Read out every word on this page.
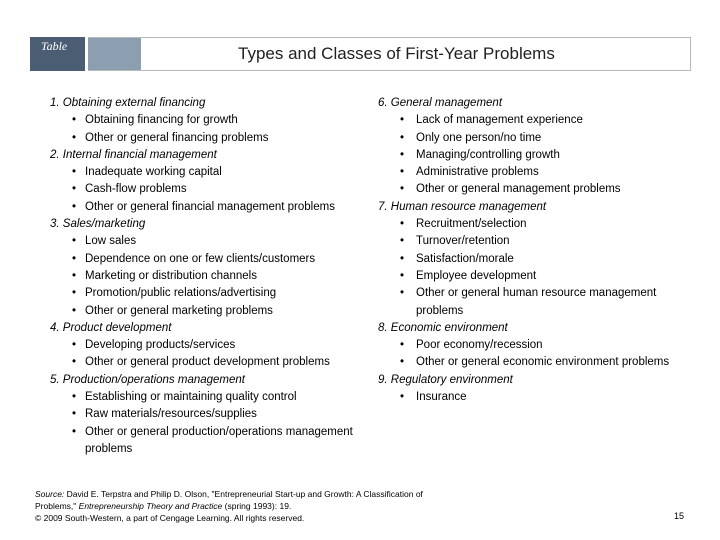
Table	Types and Classes of First-Year Problems
1. Obtaining external financing
• Obtaining financing for growth
• Other or general financing problems
2. Internal financial management
• Inadequate working capital
• Cash-flow problems
• Other or general financial management problems
3. Sales/marketing
• Low sales
• Dependence on one or few clients/customers
• Marketing or distribution channels
• Promotion/public relations/advertising
• Other or general marketing problems
4. Product development
• Developing products/services
• Other or general product development problems
5. Production/operations management
• Establishing or maintaining quality control
• Raw materials/resources/supplies
• Other or general production/operations management problems
6. General management
• Lack of management experience
• Only one person/no time
• Managing/controlling growth
• Administrative problems
• Other or general management problems
7. Human resource management
• Recruitment/selection
• Turnover/retention
• Satisfaction/morale
• Employee development
• Other or general human resource management problems
8. Economic environment
• Poor economy/recession
• Other or general economic environment problems
9. Regulatory environment
• Insurance
Source: David E. Terpstra and Philip D. Olson, "Entrepreneurial Start-up and Growth: A Classification of Problems," Entrepreneurship Theory and Practice (spring 1993): 19.
© 2009 South-Western, a part of Cengage Learning. All rights reserved.	15
